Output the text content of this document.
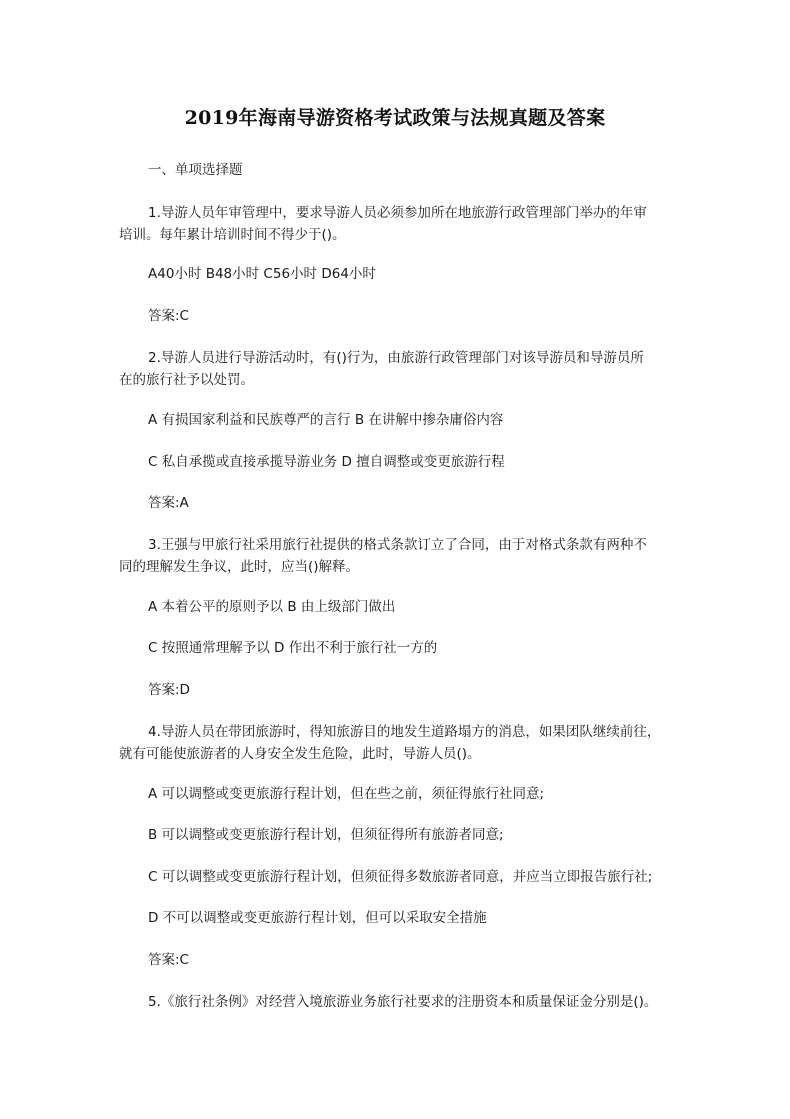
2019年海南导游资格考试政策与法规真题及答案
一、单项选择题
1.导游人员年审管理中，要求导游人员必须参加所在地旅游行政管理部门举办的年审
培训。每年累计培训时间不得少于()。
A40小时 B48小时 C56小时 D64小时
答案:C
2.导游人员进行导游活动时，有()行为，由旅游行政管理部门对该导游员和导游员所
在的旅行社予以处罚。
A 有损国家利益和民族尊严的言行 B 在讲解中掺杂庸俗内容
C 私自承揽或直接承揽导游业务 D 擅自调整或变更旅游行程
答案:A
3.王强与甲旅行社采用旅行社提供的格式条款订立了合同，由于对格式条款有两种不
同的理解发生争议，此时，应当()解释。
A 本着公平的原则予以 B 由上级部门做出
C 按照通常理解予以 D 作出不利于旅行社一方的
答案:D
4.导游人员在带团旅游时，得知旅游目的地发生道路塌方的消息，如果团队继续前往，
就有可能使旅游者的人身安全发生危险，此时，导游人员()。
A 可以调整或变更旅游行程计划，但在些之前，须征得旅行社同意;
B 可以调整或变更旅游行程计划，但须征得所有旅游者同意;
C 可以调整或变更旅游行程计划，但须征得多数旅游者同意，并应当立即报告旅行社;
D 不可以调整或变更旅游行程计划，但可以采取安全措施
答案:C
5.《旅行社条例》对经营入境旅游业务旅行社要求的注册资本和质量保证金分别是()。
